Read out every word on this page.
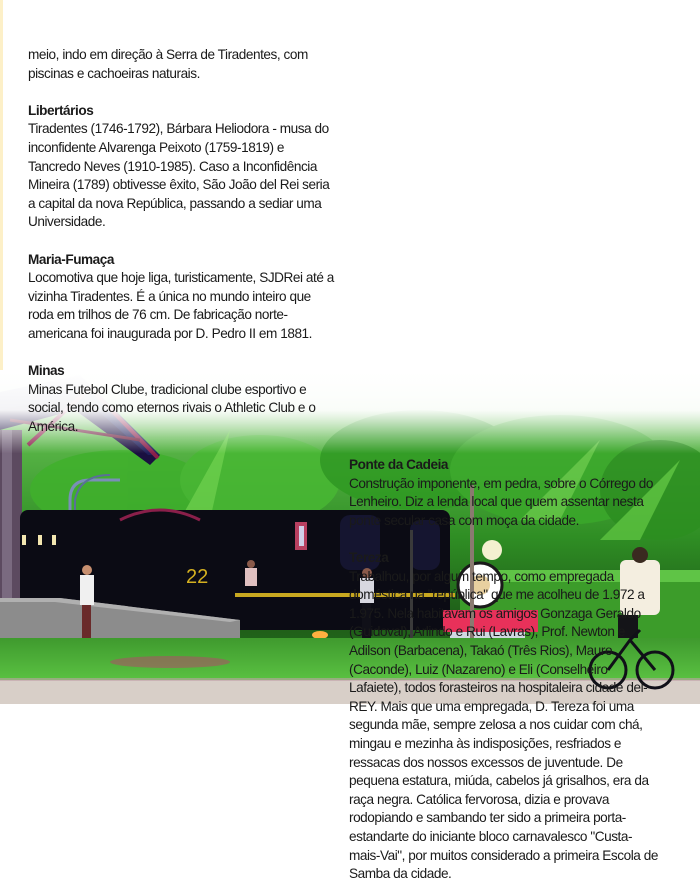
meio, indo em direção à Serra de Tiradentes, com piscinas e cachoeiras naturais.
Libertários
Tiradentes (1746-1792), Bárbara Heliodora - musa do inconfidente Alvarenga Peixoto (1759-1819) e Tancredo Neves (1910-1985). Caso a Inconfidência Mineira (1789) obtivesse êxito, São João del Rei seria a capital da nova República, passando a sediar uma Universidade.
Maria-Fumaça
Locomotiva que hoje liga, turisticamente, SJDRei até a vizinha Tiradentes. É a única no mundo inteiro que roda em trilhos de 76 cm. De fabricação norte-americana foi inaugurada por D. Pedro II em 1881.
Minas
Minas Futebol Clube, tradicional clube esportivo e social, tendo como eternos rivais o Athletic Club e o América.
Ponte da Cadeia
Construção imponente, em pedra, sobre o Córrego do Lenheiro. Diz a lenda local que quem assentar nesta ponte secular casa com moça da cidade.
Tereza
Trabalhou, por algum tempo, como empregada doméstica na "república" que me acolheu de 1.972 a 1.975. Nela habitavam os amigos Gonzaga Geraldo (Guidoval), Arlindo e Rui (Lavras), Prof. Newton e Adilson (Barbacena), Takaó (Três Rios), Mauro (Caconde), Luiz (Nazareno) e Eli (Conselheiro Lafaiete), todos forasteiros na hospitaleira cidade del-REY. Mais que uma empregada, D. Tereza foi uma segunda mãe, sempre zelosa a nos cuidar com chá, mingau e mezinha às indisposições, resfriados e ressacas dos nossos excessos de juventude. De pequena estatura, miúda, cabelos já grisalhos, era da raça negra. Católica fervorosa, dizia e provava rodopiando e sambando ter sido a primeira porta-estandarte do iniciante bloco carnavalesco "Custa-mais-Vai", por muitos considerado a primeira Escola de Samba da cidade.
